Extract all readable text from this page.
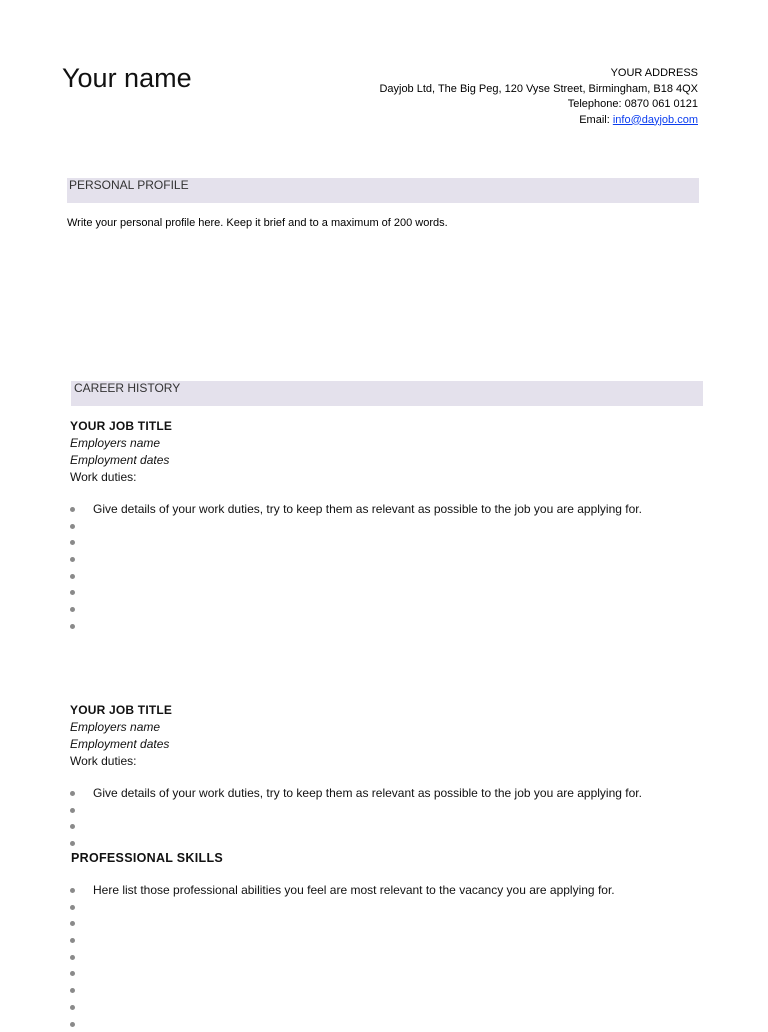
Your name	YOUR ADDRESS
Dayjob Ltd, The Big Peg, 120 Vyse Street, Birmingham, B18 4QX
Telephone: 0870 061 0121
Email: info@dayjob.com
PERSONAL PROFILE
Write your personal profile here. Keep it brief and to a maximum of 200 words.
CAREER HISTORY
YOUR JOB TITLE
Employers name
Employment dates
Work duties:
Give details of your work duties, try to keep them as relevant as possible to the job you are applying for.
YOUR JOB TITLE
Employers name
Employment dates
Work duties:
Give details of your work duties, try to keep them as relevant as possible to the job you are applying for.
PROFESSIONAL SKILLS
Here list those professional abilities you feel are most relevant to the vacancy you are applying for.
